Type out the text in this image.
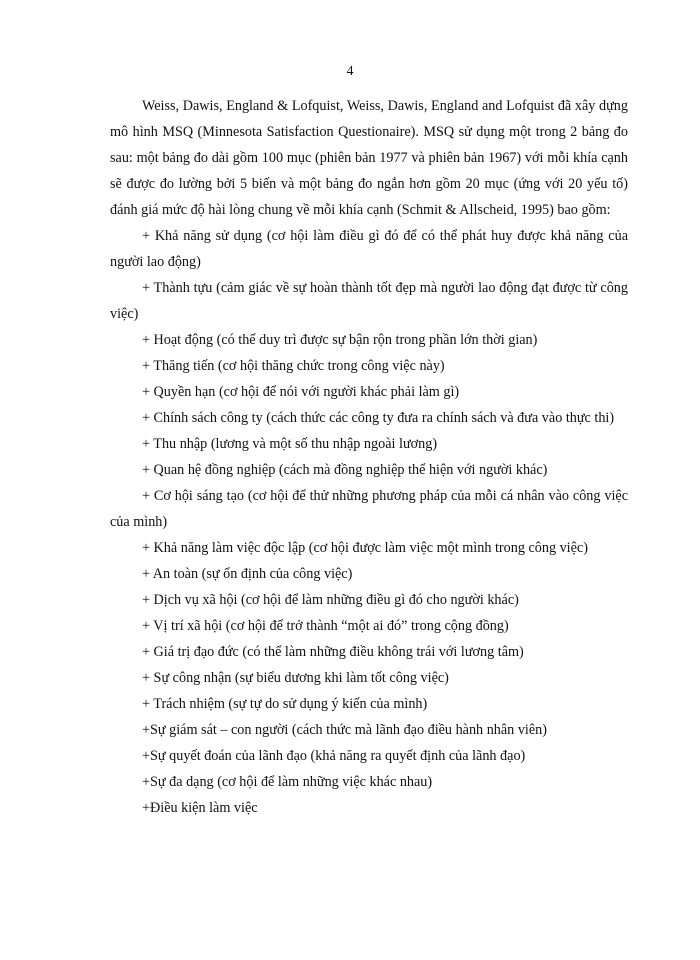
4

Weiss, Dawis, England & Lofquist, Weiss, Dawis, England and Lofquist đã xây dựng mô hình MSQ (Minnesota Satisfaction Questionaire). MSQ sử dụng một trong 2 bảng đo sau: một bảng đo dài gồm 100 mục (phiên bản 1977 và phiên bản 1967) với mỗi khía cạnh sẽ được đo lường bởi 5 biến và một bảng đo ngắn hơn gồm 20 mục (ứng với 20 yếu tố) đánh giá mức độ hài lòng chung về mỗi khía cạnh (Schmit & Allscheid, 1995) bao gồm:

+ Khả năng sử dụng (cơ hội làm điều gì đó để có thể phát huy được khả năng của người lao động)

+ Thành tựu (cảm giác về sự hoàn thành tốt đẹp mà người lao động đạt được từ công việc)

+ Hoạt động (có thể duy trì được sự bận rộn trong phần lớn thời gian)

+ Thăng tiến (cơ hội thăng chức trong công việc này)

+ Quyền hạn (cơ hội để nói với người khác phải làm gì)

+ Chính sách công ty (cách thức các công ty đưa ra chính sách và đưa vào thực thi)

+ Thu nhập (lương và một số thu nhập ngoài lương)

+ Quan hệ đồng nghiệp (cách mà đồng nghiệp thể hiện với người khác)

+ Cơ hội sáng tạo (cơ hội để thử những phương pháp của mỗi cá nhân vào công việc của mình)

+ Khả năng làm việc độc lập (cơ hội được làm việc một mình trong công việc)

+ An toàn (sự ổn định của công việc)

+ Dịch vụ xã hội (cơ hội để làm những điều gì đó cho người khác)

+ Vị trí xã hội (cơ hội để trở thành “một ai đó” trong cộng đồng)

+ Giá trị đạo đức (có thể làm những điều không trái với lương tâm)

+ Sự công nhận (sự biểu dương khi làm tốt công việc)

+ Trách nhiệm (sự tự do sử dụng ý kiến của mình)

+Sự giám sát – con người (cách thức mà lãnh đạo điều hành nhân viên)

+Sự quyết đoán của lãnh đạo (khả năng ra quyết định của lãnh đạo)

+Sự đa dạng (cơ hội để làm những việc khác nhau)

+Điều kiện làm việc
